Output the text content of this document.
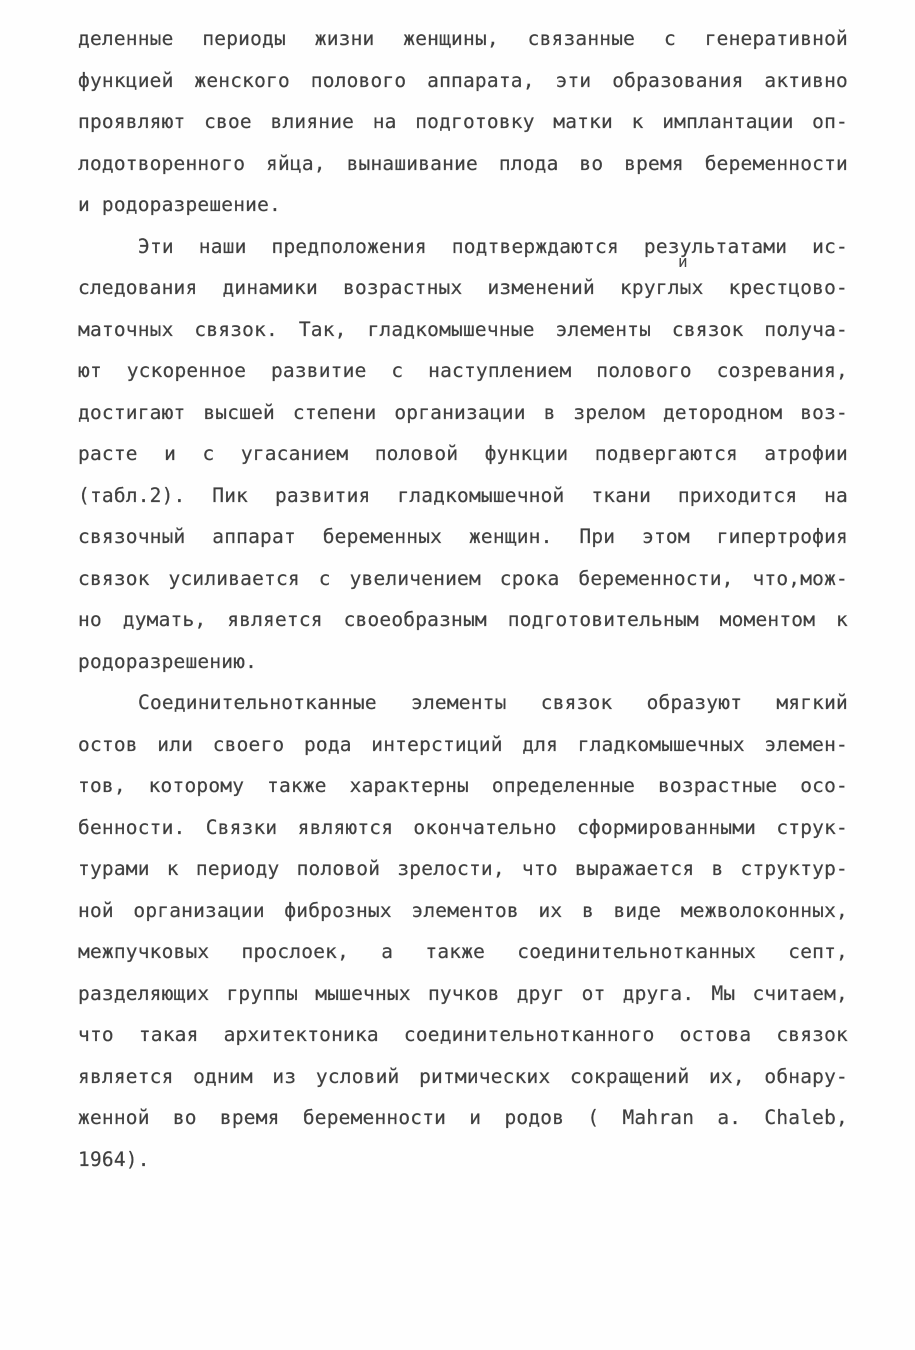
деленные периоды жизни женщины, связанные с генеративной
функцией женского полового аппарата, эти образования активно
проявляют свое влияние на подготовку матки к имплантации оп-
лодотворенного яйца, вынашивание плода во время беременности
и родоразрешение.
Эти наши предположения подтверждаются результатами ис-
следования динамики возрастных изменений круглых крестцово-
маточных связок. Так, гладкомышечные элементы связок получа-
ют ускоренное развитие с наступлением полового созревания,
достигают высшей степени организации в зрелом детородном воз-
расте и с угасанием половой функции подвергаются атрофии
(табл.2). Пик развития гладкомышечной ткани приходится на
связочный аппарат беременных женщин. При этом гипертрофия
связок усиливается с увеличением срока беременности, что,мож-
но думать, является своеобразным подготовительным моментом к
родоразрешению.
Соединительнотканные элементы связок образуют мягкий
остов или своего рода интерстиций для гладкомышечных элемен-
тов, которому также характерны определенные возрастные осо-
бенности. Связки являются окончательно сформированными струк-
турами к периоду половой зрелости, что выражается в структур-
ной организации фиброзных элементов их в виде межволоконных,
межпучковых прослоек, а также соединительнотканных септ,
разделяющих группы мышечных пучков друг от друга. Мы считаем,
что такая архитектоника соединительнотканного остова связок
является одним из условий ритмических сокращений их, обнару-
женной во время беременности и родов ( Mahran a. Chaleb,
1964).
и
